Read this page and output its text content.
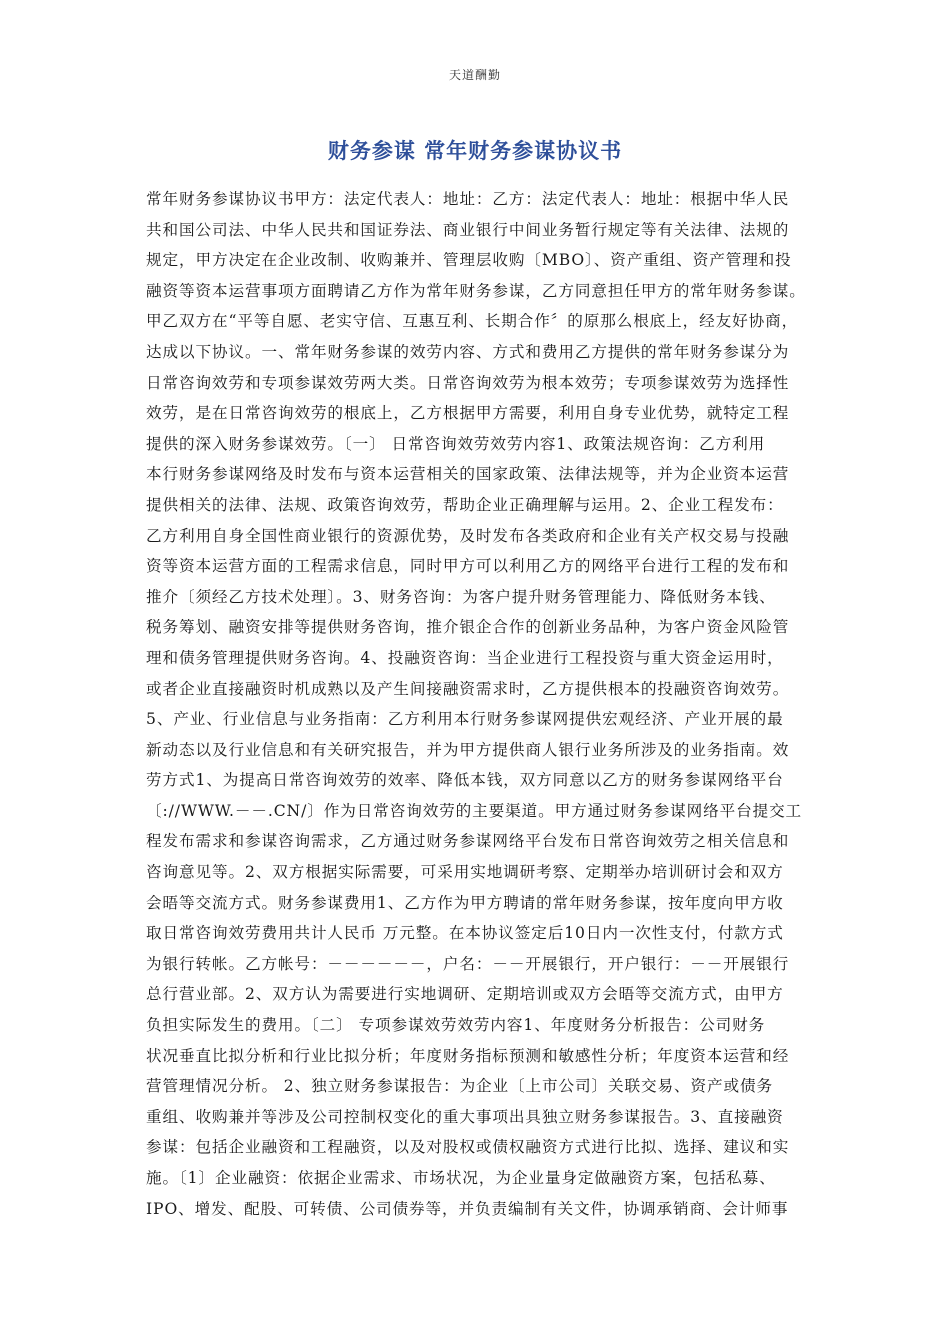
天道酬勤
财务参谋 常年财务参谋协议书
常年财务参谋协议书甲方：法定代表人：地址：乙方：法定代表人：地址：根据中华人民
共和国公司法、中华人民共和国证券法、商业银行中间业务暂行规定等有关法律、法规的
规定，甲方决定在企业改制、收购兼并、管理层收购〔MBO〕、资产重组、资产管理和投
融资等资本运营事项方面聘请乙方作为常年财务参谋，乙方同意担任甲方的常年财务参谋。
甲乙双方在“平等自愿、老实守信、互惠互利、长期合作〞的原那么根底上，经友好协商，
达成以下协议。一、常年财务参谋的效劳内容、方式和费用乙方提供的常年财务参谋分为
日常咨询效劳和专项参谋效劳两大类。日常咨询效劳为根本效劳；专项参谋效劳为选择性
效劳，是在日常咨询效劳的根底上，乙方根据甲方需要，利用自身专业优势，就特定工程
提供的深入财务参谋效劳。〔一〕 日常咨询效劳效劳内容1、政策法规咨询：乙方利用
本行财务参谋网络及时发布与资本运营相关的国家政策、法律法规等，并为企业资本运营
提供相关的法律、法规、政策咨询效劳，帮助企业正确理解与运用。2、企业工程发布：
乙方利用自身全国性商业银行的资源优势，及时发布各类政府和企业有关产权交易与投融
资等资本运营方面的工程需求信息，同时甲方可以利用乙方的网络平台进行工程的发布和
推介〔须经乙方技术处理〕。3、财务咨询：为客户提升财务管理能力、降低财务本钱、
税务筹划、融资安排等提供财务咨询，推介银企合作的创新业务品种，为客户资金风险管
理和债务管理提供财务咨询。4、投融资咨询：当企业进行工程投资与重大资金运用时，
或者企业直接融资时机成熟以及产生间接融资需求时，乙方提供根本的投融资咨询效劳。
5、产业、行业信息与业务指南：乙方利用本行财务参谋网提供宏观经济、产业开展的最
新动态以及行业信息和有关研究报告，并为甲方提供商人银行业务所涉及的业务指南。效
劳方式1、为提高日常咨询效劳的效率、降低本钱，双方同意以乙方的财务参谋网络平台
〔://WWW.－－.CN/〕作为日常咨询效劳的主要渠道。甲方通过财务参谋网络平台提交工
程发布需求和参谋咨询需求，乙方通过财务参谋网络平台发布日常咨询效劳之相关信息和
咨询意见等。2、双方根据实际需要，可采用实地调研考察、定期举办培训研讨会和双方
会晤等交流方式。财务参谋费用1、乙方作为甲方聘请的常年财务参谋，按年度向甲方收
取日常咨询效劳费用共计人民币 万元整。在本协议签定后10日内一次性支付，付款方式
为银行转帐。乙方帐号：－－－－－－，户名：－－开展银行，开户银行：－－开展银行
总行营业部。2、双方认为需要进行实地调研、定期培训或双方会晤等交流方式，由甲方
负担实际发生的费用。〔二〕 专项参谋效劳效劳内容1、年度财务分析报告：公司财务
状况垂直比拟分析和行业比拟分析；年度财务指标预测和敏感性分析；年度资本运营和经
营管理情况分析。 2、独立财务参谋报告：为企业〔上市公司〕关联交易、资产或债务
重组、收购兼并等涉及公司控制权变化的重大事项出具独立财务参谋报告。3、直接融资
参谋：包括企业融资和工程融资，以及对股权或债权融资方式进行比拟、选择、建议和实
施。〔1〕企业融资：依据企业需求、市场状况，为企业量身定做融资方案，包括私募、
IPO、增发、配股、可转债、公司债券等，并负责编制有关文件，协调承销商、会计师事
